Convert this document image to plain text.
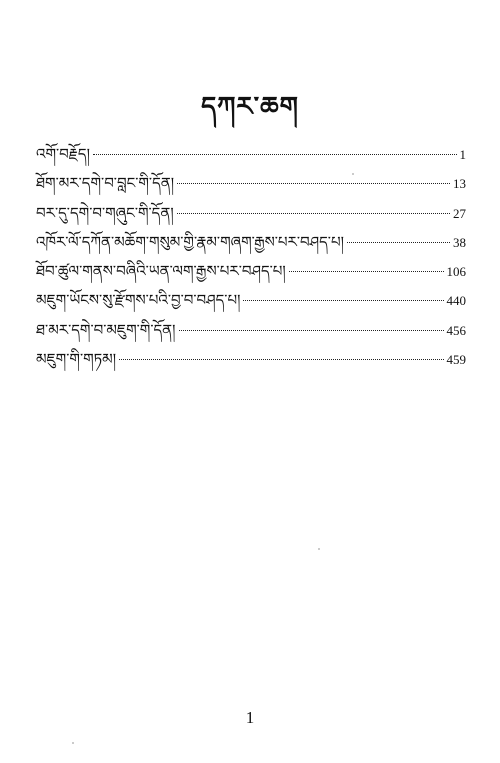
དཀར་ཆག
འགོ་བརྗོད།	1
ཐོག་མར་དགེ་བ་བླང་གི་དོན།	13
བར་དུ་དགེ་བ་གཞུང་གི་དོན།	27
འཁོར་ལོ་དཀོན་མཆོག་གསུམ་གྱི་རྣམ་གཞག་རྒྱས་པར་བཤད་པ།	38
ཐོབ་ཚུལ་གནས་བཞིའི་ཡན་ལག་རྒྱས་པར་བཤད་པ།	106
མཇུག་ཡོངས་སུ་རྫོགས་པའི་བྱ་བ་བཤད་པ།	440
ཐ་མར་དགེ་བ་མཇུག་གི་དོན།	456
མཇུག་གི་གཏམ།	459
1
